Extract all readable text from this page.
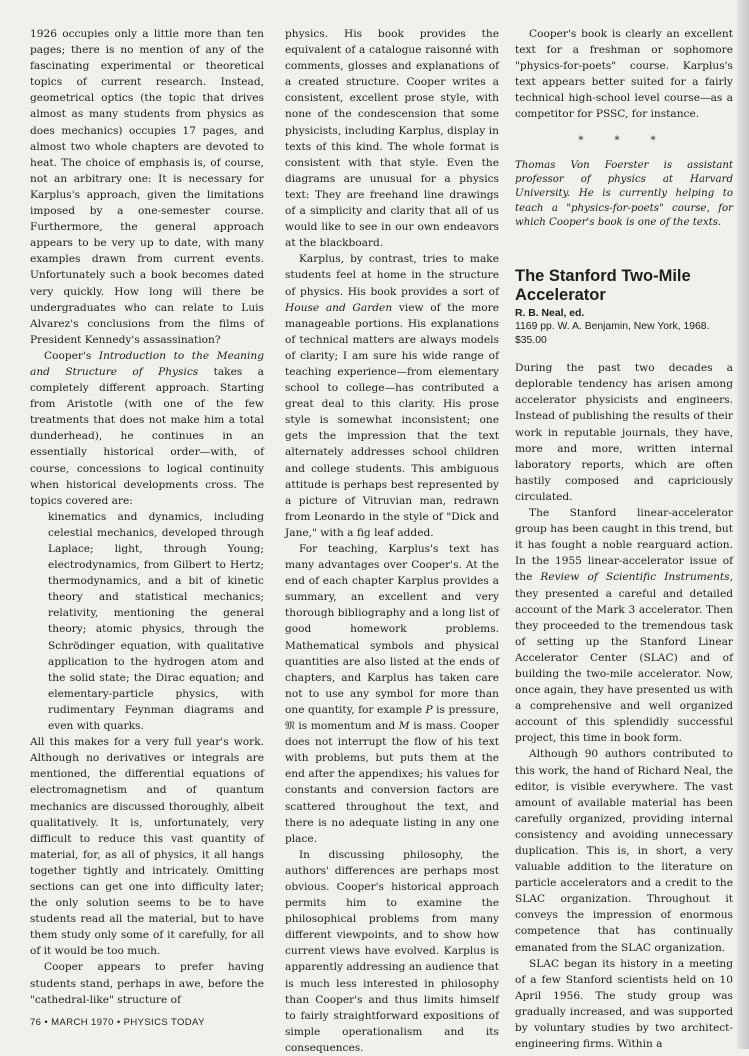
1926 occupies only a little more than ten pages; there is no mention of any of the fascinating experimental or theoretical topics of current research. Instead, geometrical optics (the topic that drives almost as many students from physics as does mechanics) occupies 17 pages, and almost two whole chapters are devoted to heat. The choice of emphasis is, of course, not an arbitrary one: It is necessary for Karplus's approach, given the limitations imposed by a one-semester course. Furthermore, the general approach appears to be very up to date, with many examples drawn from current events. Unfortunately such a book becomes dated very quickly. How long will there be undergraduates who can relate to Luis Alvarez's conclusions from the films of President Kennedy's assassination?

Cooper's Introduction to the Meaning and Structure of Physics takes a completely different approach. Starting from Aristotle (with one of the few treatments that does not make him a total dunderhead), he continues in an essentially historical order—with, of course, concessions to logical continuity when historical developments cross. The topics covered are:

kinematics and dynamics, including celestial mechanics, developed through Laplace; light, through Young; electrodynamics, from Gilbert to Hertz; thermodynamics, and a bit of kinetic theory and statistical mechanics; relativity, mentioning the general theory; atomic physics, through the Schrödinger equation, with qualitative application to the hydrogen atom and the solid state; the Dirac equation; and elementary-particle physics, with rudimentary Feynman diagrams and even with quarks.

All this makes for a very full year's work. Although no derivatives or integrals are mentioned, the differential equations of electromagnetism and of quantum mechanics are discussed thoroughly, albeit qualitatively. It is, unfortunately, very difficult to reduce this vast quantity of material, for, as all of physics, it all hangs together tightly and intricately. Omitting sections can get one into difficulty later; the only solution seems to be to have students read all the material, but to have them study only some of it carefully, for all of it would be too much.

Cooper appears to prefer having students stand, perhaps in awe, before the "cathedral-like" structure of

physics. His book provides the equivalent of a catalogue raisonné with comments, glosses and explanations of a created structure. Cooper writes a consistent, excellent prose style, with none of the condescension that some physicists, including Karplus, display in texts of this kind. The whole format is consistent with that style. Even the diagrams are unusual for a physics text: They are freehand line drawings of a simplicity and clarity that all of us would like to see in our own endeavors at the blackboard.

Karplus, by contrast, tries to make students feel at home in the structure of physics. His book provides a sort of House and Garden view of the more manageable portions. His explanations of technical matters are always models of clarity; I am sure his wide range of teaching experience—from elementary school to college—has contributed a great deal to this clarity. His prose style is somewhat inconsistent; one gets the impression that the text alternately addresses school children and college students. This ambiguous attitude is perhaps best represented by a picture of Vitruvian man, redrawn from Leonardo in the style of "Dick and Jane," with a fig leaf added.

For teaching, Karplus's text has many advantages over Cooper's. At the end of each chapter Karplus provides a summary, an excellent and very thorough bibliography and a long list of good homework problems. Mathematical symbols and physical quantities are also listed at the ends of chapters, and Karplus has taken care not to use any symbol for more than one quantity, for example P is pressure, 𝔐 is momentum and M is mass. Cooper does not interrupt the flow of his text with problems, but puts them at the end after the appendixes; his values for constants and conversion factors are scattered throughout the text, and there is no adequate listing in any one place.

In discussing philosophy, the authors' differences are perhaps most obvious. Cooper's historical approach permits him to examine the philosophical problems from many different viewpoints, and to show how current views have evolved. Karplus is apparently addressing an audience that is much less interested in philosophy than Cooper's and thus limits himself to fairly straightforward expositions of simple operationalism and its consequences.

Cooper's book is clearly an excellent text for a freshman or sophomore "physics-for-poets" course. Karplus's text appears better suited for a fairly technical high-school level course—as a competitor for PSSC, for instance.

* * *

Thomas Von Foerster is assistant professor of physics at Harvard University. He is currently helping to teach a "physics-for-poets" course, for which Cooper's book is one of the texts.

The Stanford Two-Mile Accelerator
R. B. Neal, ed.
1169 pp. W. A. Benjamin, New York, 1968. $35.00

During the past two decades a deplorable tendency has arisen among accelerator physicists and engineers. Instead of publishing the results of their work in reputable journals, they have, more and more, written internal laboratory reports, which are often hastily composed and capriciously circulated.

The Stanford linear-accelerator group has been caught in this trend, but it has fought a noble rearguard action. In the 1955 linear-accelerator issue of the Review of Scientific Instruments, they presented a careful and detailed account of the Mark 3 accelerator. Then they proceeded to the tremendous task of setting up the Stanford Linear Accelerator Center (SLAC) and of building the two-mile accelerator. Now, once again, they have presented us with a comprehensive and well organized account of this splendidly successful project, this time in book form.

Although 90 authors contributed to this work, the hand of Richard Neal, the editor, is visible everywhere. The vast amount of available material has been carefully organized, providing internal consistency and avoiding unnecessary duplication. This is, in short, a very valuable addition to the literature on particle accelerators and a credit to the SLAC organization. Throughout it conveys the impression of enormous competence that has continually emanated from the SLAC organization.

SLAC began its history in a meeting of a few Stanford scientists held on 10 April 1956. The study group was gradually increased, and was supported by voluntary studies by two architect-engineering firms. Within a

76 • MARCH 1970 • PHYSICS TODAY
